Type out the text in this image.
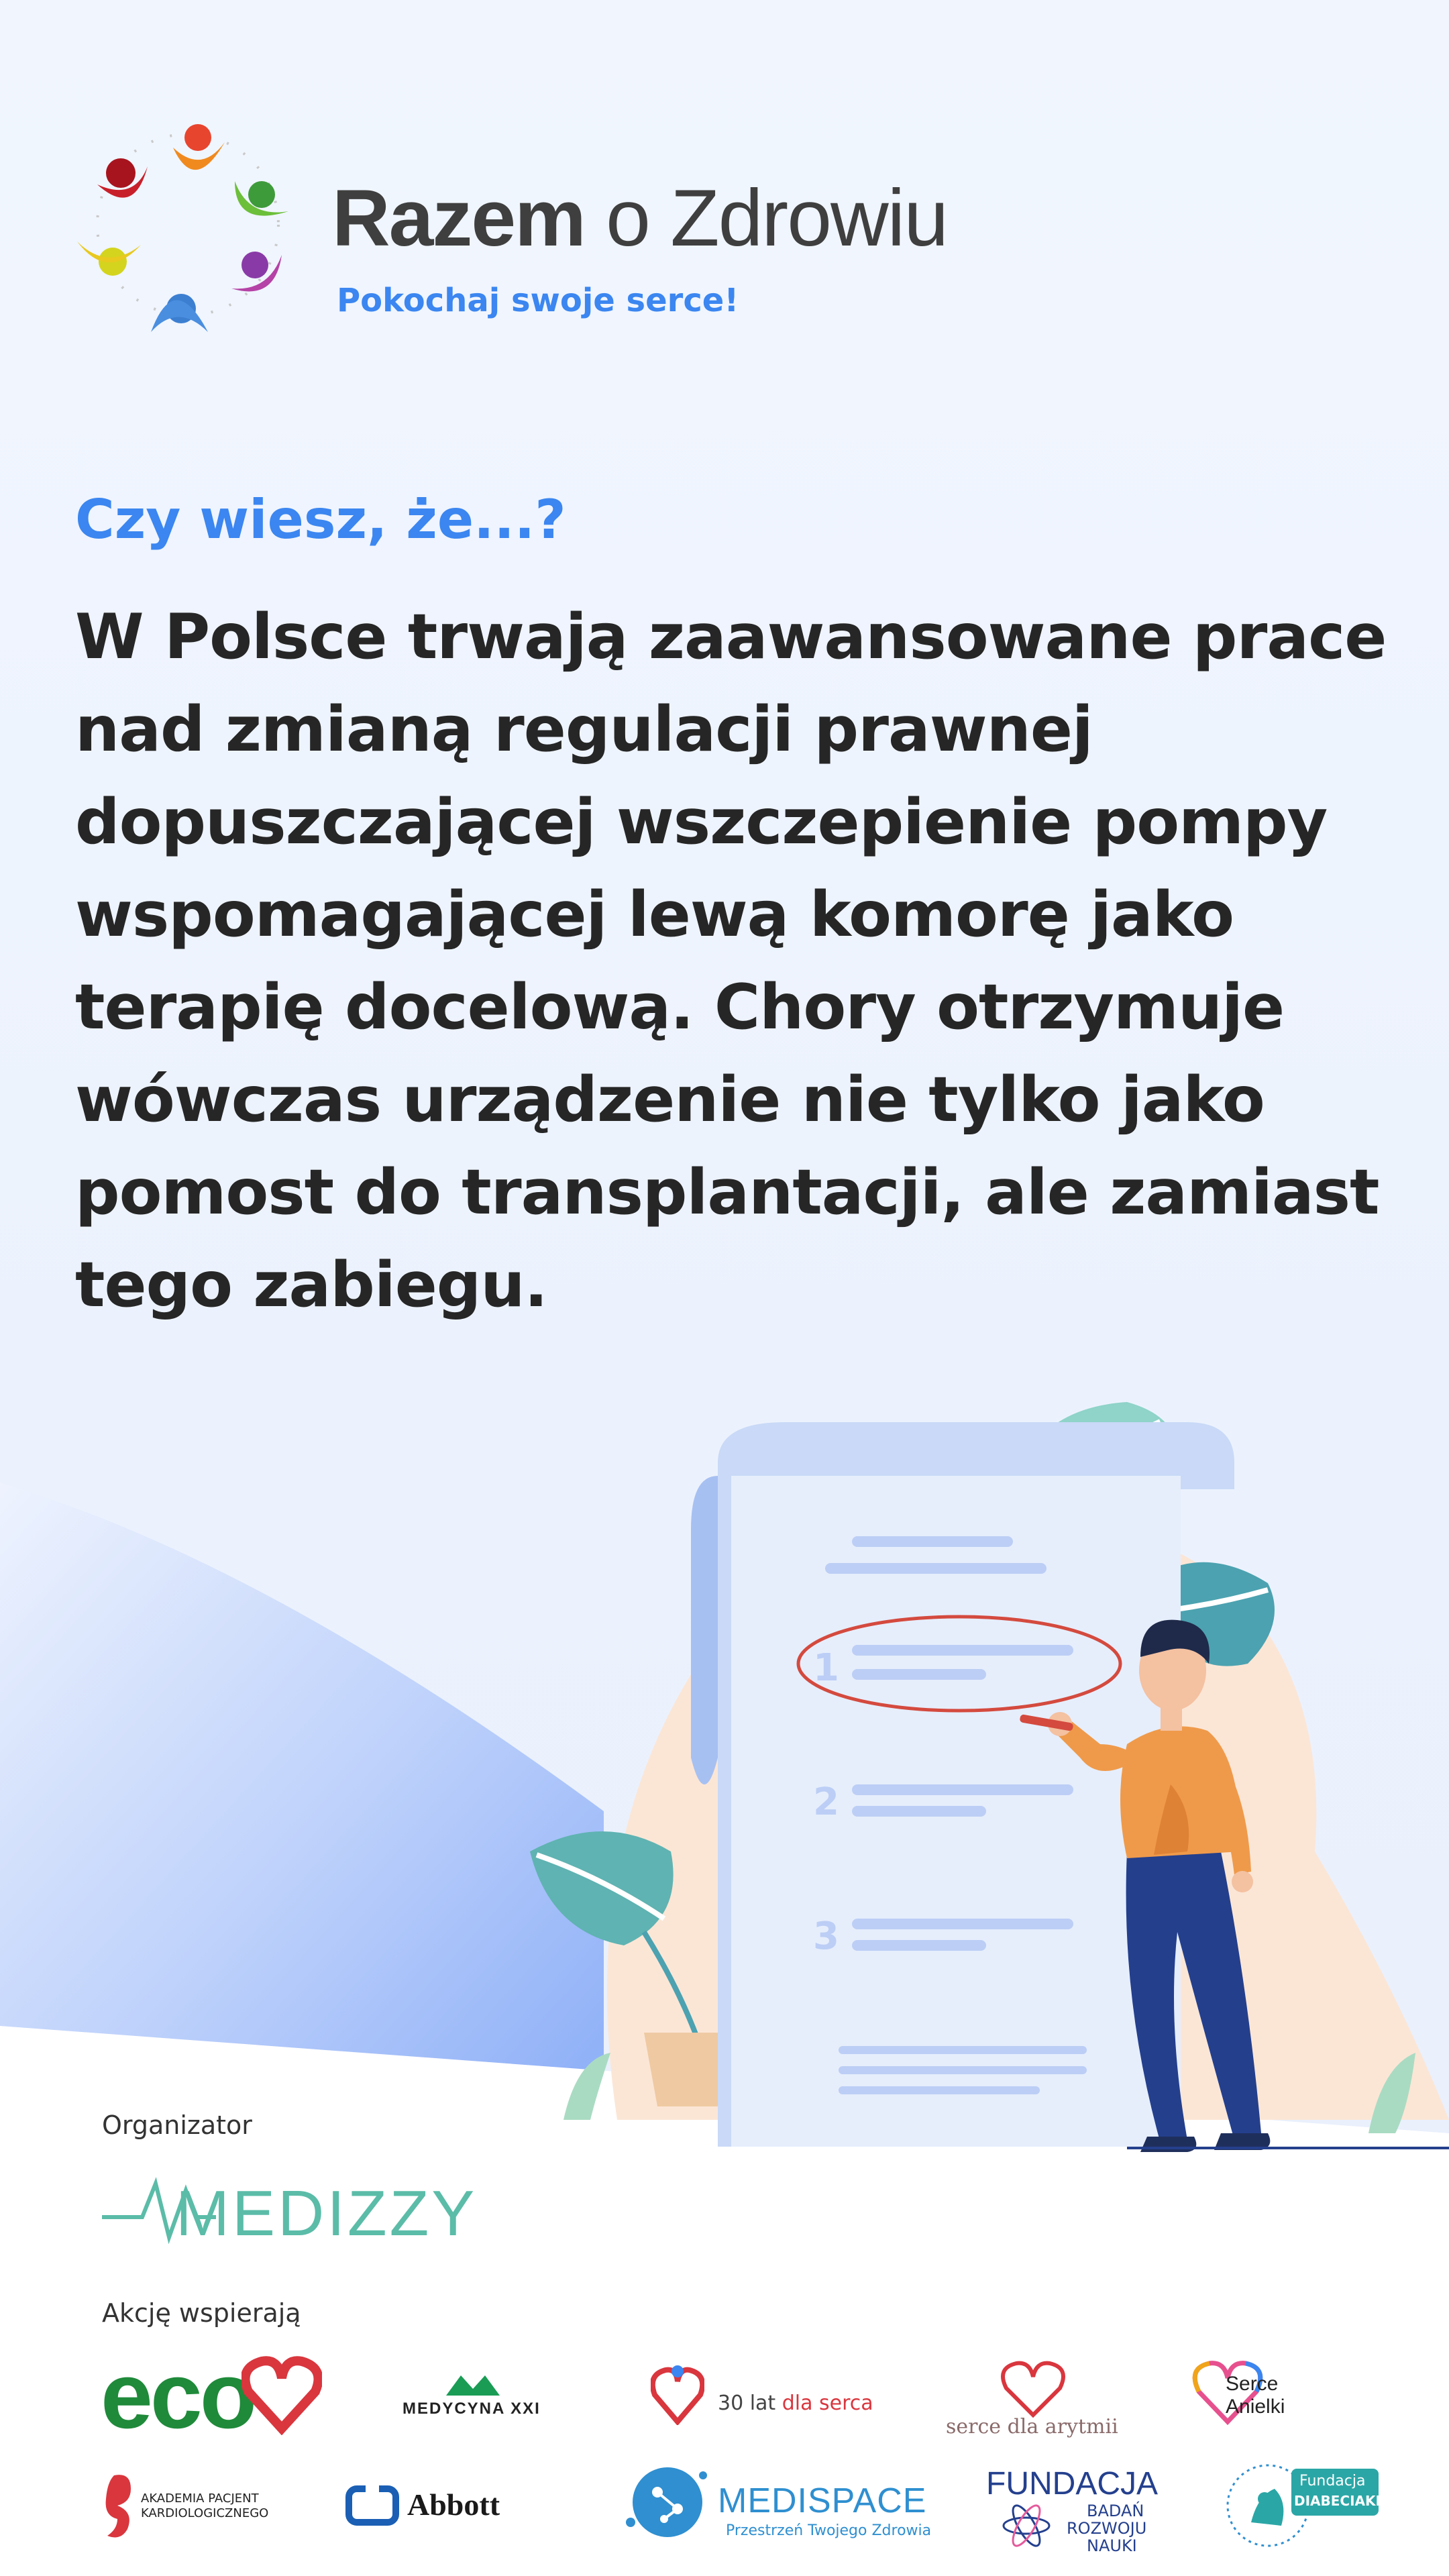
Razem o Zdrowiu
Pokochaj swoje serce!
Czy wiesz, że...?
W Polsce trwają zaawansowane prace nad zmianą regulacji prawnej dopuszczającej wszczepienie pompy wspomagającej lewą komorę jako terapię docelową. Chory otrzymuje wówczas urządzenie nie tylko jako pomost do transplantacji, ale zamiast tego zabiegu.
1
2
3
Organizator
MEDIZZY
Akcję wspierają
eco	MEDYCYNA XXI	30 lat dla serca
serce dla arytmii
Serce
Anielki
AKADEMIA PACJENT
KARDIOLOGICZNEGO	Abbott	MEDISPACE
Przestrzeń Twojego Zdrowia
FUNDACJA
BADAŃ
ROZWOJU
NAUKI
Fundacja
DIABECIAKI
